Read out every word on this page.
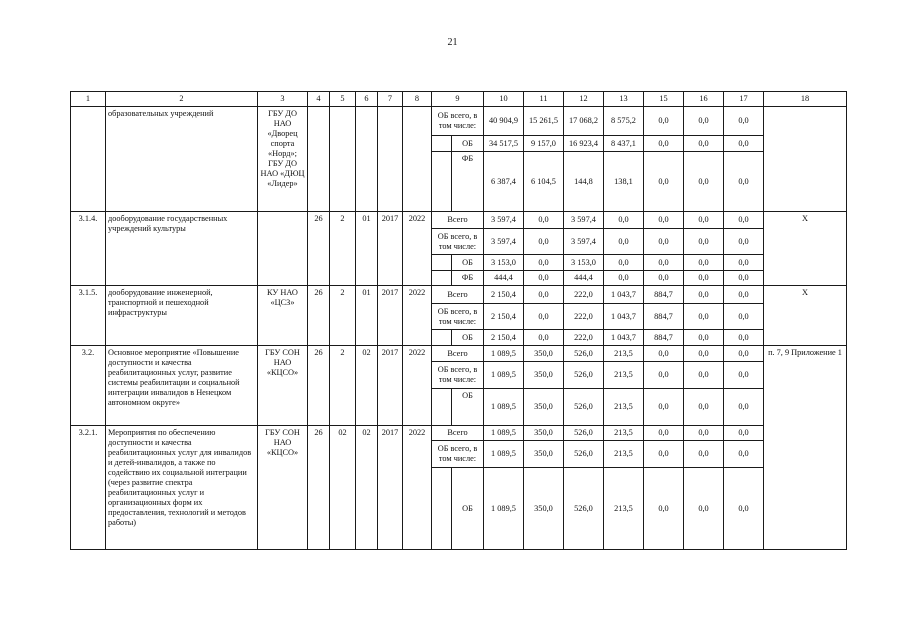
21
1	2	3	4	5	6	7	8	9		10	11	12	13	15	16	17	18
	образовательных учреждений	ГБУ ДО НАО «Дворец спорта «Норд»; ГБУ ДО НАО «ДЮЦ «Лидер»						ОБ всего, в том числе:		40 904,9	15 261,5	17 068,2	8 575,2	0,0	0,0	0,0	
									ОБ	34 517,5	9 157,0	16 923,4	8 437,1	0,0	0,0	0,0	
									ФБ	6 387,4	6 104,5	144,8	138,1	0,0	0,0	0,0	
3.1.4.	дооборудование государственных учреждений культуры		26	2	01	2017	2022	Всего		3 597,4	0,0	3 597,4	0,0	0,0	0,0	0,0	Х
								ОБ всего, в том числе:		3 597,4	0,0	3 597,4	0,0	0,0	0,0	0,0	
									ОБ	3 153,0	0,0	3 153,0	0,0	0,0	0,0	0,0	
									ФБ	444,4	0,0	444,4	0,0	0,0	0,0	0,0	
3.1.5.	дооборудование инженерной, транспортной и пешеходной инфраструктуры	КУ НАО «ЦСЗ»	26	2	01	2017	2022	Всего		2 150,4	0,0	222,0	1 043,7	884,7	0,0	0,0	Х
								ОБ всего, в том числе:		2 150,4	0,0	222,0	1 043,7	884,7	0,0	0,0	
									ОБ	2 150,4	0,0	222,0	1 043,7	884,7	0,0	0,0	
3.2.	Основное мероприятие «Повышение доступности и качества реабилитационных услуг, развитие системы реабилитации и социальной интеграции инвалидов в Ненецком автономном округе»	ГБУ СОН НАО «КЦСО»	26	2	02	2017	2022	Всего		1 089,5	350,0	526,0	213,5	0,0	0,0	0,0	п. 7, 9 Приложение 1
								ОБ всего, в том числе:		1 089,5	350,0	526,0	213,5	0,0	0,0	0,0	
									ОБ	1 089,5	350,0	526,0	213,5	0,0	0,0	0,0	
3.2.1.	Мероприятия по обеспечению доступности и качества реабилитационных услуг для инвалидов и детей-инвалидов, а также по содействию их социальной интеграции (через развитие спектра реабилитационных услуг и организационных форм их предоставления, технологий и методов работы)	ГБУ СОН НАО «КЦСО»	26	02	02	2017	2022	Всего		1 089,5	350,0	526,0	213,5	0,0	0,0	0,0	
								ОБ всего, в том числе:		1 089,5	350,0	526,0	213,5	0,0	0,0	0,0	
									ОБ	1 089,5	350,0	526,0	213,5	0,0	0,0	0,0	
